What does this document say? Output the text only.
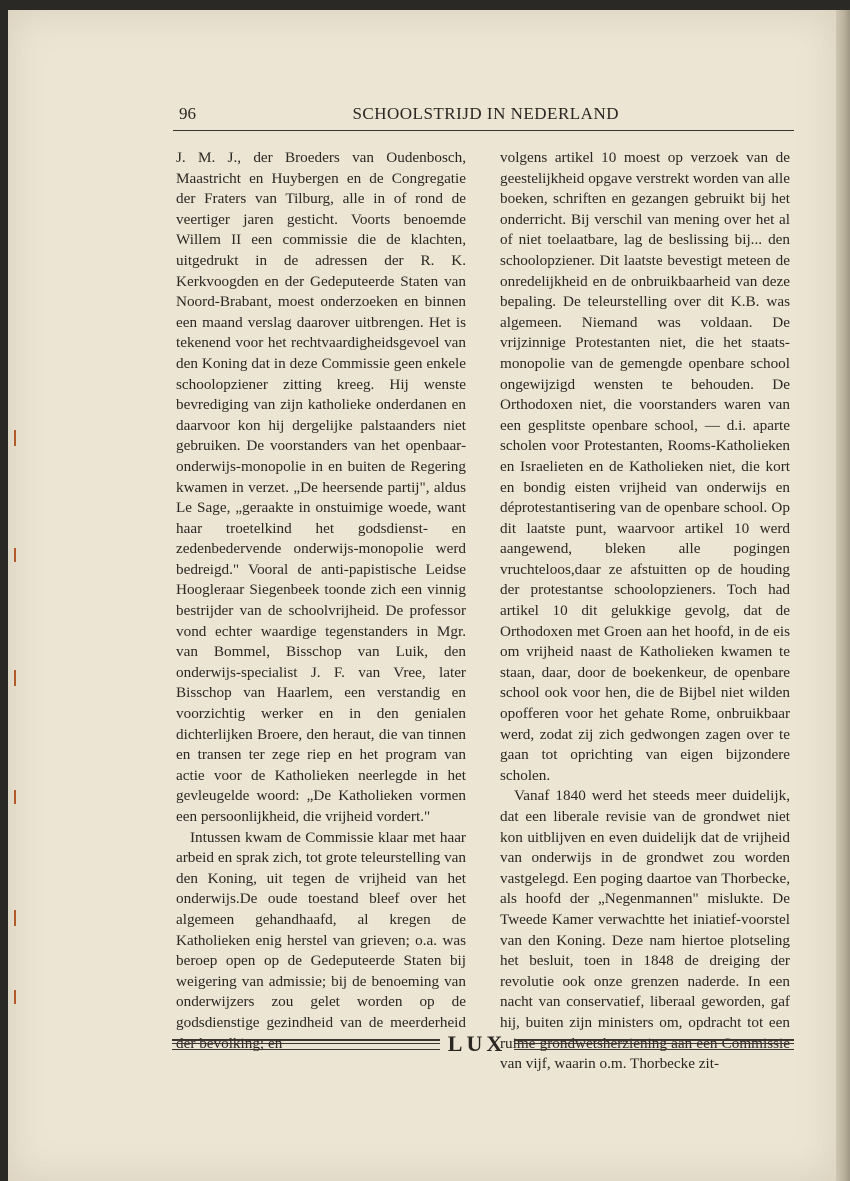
96	SCHOOLSTRIJD IN NEDERLAND

J. M. J., der Broeders van Oudenbosch, Maastricht en Huybergen en de Congregatie der Fraters van Tilburg, alle in of rond de veertiger jaren gesticht. Voorts benoemde Willem II een commissie die de klachten, uitgedrukt in de adressen der R. K. Kerkvoogden en der Gedeputeerde Staten van Noord-Brabant, moest onderzoeken en binnen een maand verslag daarover uitbrengen. Het is tekenend voor het rechtvaardigheidsgevoel van den Koning dat in deze Commissie geen enkele schoolopziener zitting kreeg. Hij wenste bevrediging van zijn katholieke onderdanen en daarvoor kon hij dergelijke palstaanders niet gebruiken. De voorstanders van het openbaar-onderwijs-monopolie in en buiten de Regering kwamen in verzet. „De heersende partij", aldus Le Sage, „geraakte in onstuimige woede, want haar troetelkind het godsdienst- en zedenbedervende onderwijs-monopolie werd bedreigd." Vooral de anti-papistische Leidse Hoogleraar Siegenbeek toonde zich een vinnig bestrijder van de schoolvrijheid. De professor vond echter waardige tegenstanders in Mgr. van Bommel, Bisschop van Luik, den onderwijs-specialist J. F. van Vree, later Bisschop van Haarlem, een verstandig en voorzichtig werker en in den genialen dichterlijken Broere, den heraut, die van tinnen en transen ter zege riep en het program van actie voor de Katholieken neerlegde in het gevleugelde woord: „De Katholieken vormen een persoonlijkheid, die vrijheid vordert."

Intussen kwam de Commissie klaar met haar arbeid en sprak zich, tot grote teleurstelling van den Koning, uit tegen de vrijheid van het onderwijs.De oude toestand bleef over het algemeen gehandhaafd, al kregen de Katholieken enig herstel van grieven; o.a. was beroep open op de Gedeputeerde Staten bij weigering van admissie; bij de benoeming van onderwijzers zou gelet worden op de godsdienstige gezindheid van de meerderheid der bevolking; en

volgens artikel 10 moest op verzoek van de geestelijkheid opgave verstrekt worden van alle boeken, schriften en gezangen gebruikt bij het onderricht. Bij verschil van mening over het al of niet toelaatbare, lag de beslissing bij... den schoolopziener. Dit laatste bevestigt meteen de onredelijkheid en de onbruikbaarheid van deze bepaling. De teleurstelling over dit K.B. was algemeen. Niemand was voldaan. De vrijzinnige Protestanten niet, die het staats-monopolie van de gemengde openbare school ongewijzigd wensten te behouden. De Orthodoxen niet, die voorstanders waren van een gesplitste openbare school, — d.i. aparte scholen voor Protestanten, Rooms-Katholieken en Israelieten en de Katholieken niet, die kort en bondig eisten vrijheid van onderwijs en déprotestantisering van de openbare school. Op dit laatste punt, waarvoor artikel 10 werd aangewend, bleken alle pogingen vruchteloos,daar ze afstuitten op de houding der protestantse schoolopzieners. Toch had artikel 10 dit gelukkige gevolg, dat de Orthodoxen met Groen aan het hoofd, in de eis om vrijheid naast de Katholieken kwamen te staan, daar, door de boekenkeur, de openbare school ook voor hen, die de Bijbel niet wilden opofferen voor het gehate Rome, onbruikbaar werd, zodat zij zich gedwongen zagen over te gaan tot oprichting van eigen bijzondere scholen.

Vanaf 1840 werd het steeds meer duidelijk, dat een liberale revisie van de grondwet niet kon uitblijven en even duidelijk dat de vrijheid van onderwijs in de grondwet zou worden vastgelegd. Een poging daartoe van Thorbecke, als hoofd der „Negenmannen" mislukte. De Tweede Kamer verwachtte het iniatief-voorstel van den Koning. Deze nam hiertoe plotseling het besluit, toen in 1848 de dreiging der revolutie ook onze grenzen naderde. In een nacht van conservatief, liberaal geworden, gaf hij, buiten zijn ministers om, opdracht tot een ruime grondwetsherziening aan een Commissie van vijf, waarin o.m. Thorbecke zit-

LUX
